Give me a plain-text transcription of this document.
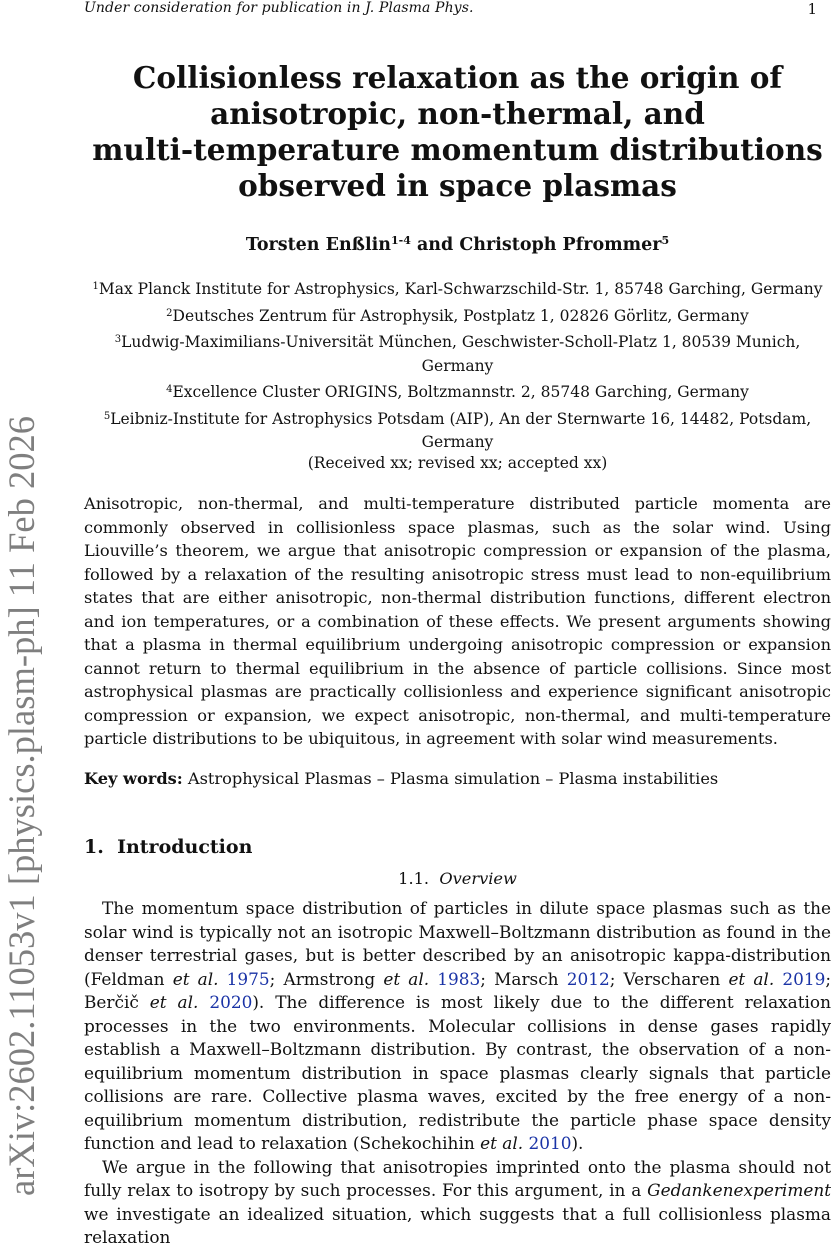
Under consideration for publication in J. Plasma Phys.	1
arXiv:2602.11053v1 [physics.plasm-ph] 11 Feb 2026
Collisionless relaxation as the origin of
anisotropic, non-thermal, and
multi-temperature momentum distributions
observed in space plasmas
Torsten Enßlin$^{1-4}$ and Christoph Pfrommer$^5$

$^1$Max Planck Institute for Astrophysics, Karl-Schwarzschild-Str. 1, 85748 Garching, Germany

$^2$Deutsches Zentrum für Astrophysik, Postplatz 1, 02826 Görlitz, Germany

$^3$Ludwig-Maximilians-Universität München, Geschwister-Scholl-Platz 1, 80539 Munich, Germany

$^4$Excellence Cluster ORIGINS, Boltzmannstr. 2, 85748 Garching, Germany

$^5$Leibniz-Institute for Astrophysics Potsdam (AIP), An der Sternwarte 16, 14482, Potsdam, Germany

(Received xx; revised xx; accepted xx)

Anisotropic, non-thermal, and multi-temperature distributed particle momenta are commonly observed in collisionless space plasmas, such as the solar wind. Using Liouville’s theorem, we argue that anisotropic compression or expansion of the plasma, followed by a relaxation of the resulting anisotropic stress must lead to non-equilibrium states that are either anisotropic, non-thermal distribution functions, different electron and ion temperatures, or a combination of these effects. We present arguments showing that a plasma in thermal equilibrium undergoing anisotropic compression or expansion cannot return to thermal equilibrium in the absence of particle collisions. Since most astrophysical plasmas are practically collisionless and experience significant anisotropic compression or expansion, we expect anisotropic, non-thermal, and multi-temperature particle distributions to be ubiquitous, in agreement with solar wind measurements.

Key words: Astrophysical Plasmas – Plasma simulation – Plasma instabilities
1. Introduction
1.1. Overview

The momentum space distribution of particles in dilute space plasmas such as the solar wind is typically not an isotropic Maxwell–Boltzmann distribution as found in the denser terrestrial gases, but is better described by an anisotropic kappa-distribution (Feldman et al. 1975; Armstrong et al. 1983; Marsch 2012; Verscharen et al. 2019; Berčič et al. 2020). The difference is most likely due to the different relaxation processes in the two environments. Molecular collisions in dense gases rapidly establish a Maxwell–Boltzmann distribution. By contrast, the observation of a non-equilibrium momentum distribution in space plasmas clearly signals that particle collisions are rare. Collective plasma waves, excited by the free energy of a non-equilibrium momentum distribution, redistribute the particle phase space density function and lead to relaxation (Schekochihin et al. 2010).

We argue in the following that anisotropies imprinted onto the plasma should not fully relax to isotropy by such processes. For this argument, in a Gedankenexperiment we investigate an idealized situation, which suggests that a full collisionless plasma relaxation
